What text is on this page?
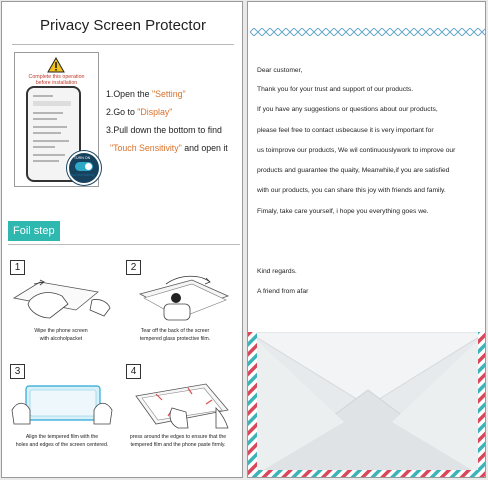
Privacy Screen Protector
Complete this operation
before installation
TURN ON
Touchsensitivity
1.Open the "Setting"
2.Go to "Display"
3.Pull down the bottom to find
"Touch Sensitivity" and open it
Foil step
1
Wipe the phone screen
with alcoholpacket
2
Tear off the back of the screer
tempered glass protective film.
3
Align the tempered film with the
holes and edges of the screen centered.
4
press around the edges to ensure that the
tempered film and the phone paste firmly.
Dear customer,
Thank you for your trust and support of our products.
If you have any suggestions or questions about our products,
please feel free to contact usbecause it is very important for
us toimprove our products, We wil continuouslywork to improve our
products and guarantee the quaity, Meanwhile,if you are satisfied
with our products, you can share this joy with friends and family.
Fimaly, take care yourself, i hope you everything goes we.
Kind regards.
A friend from afar
